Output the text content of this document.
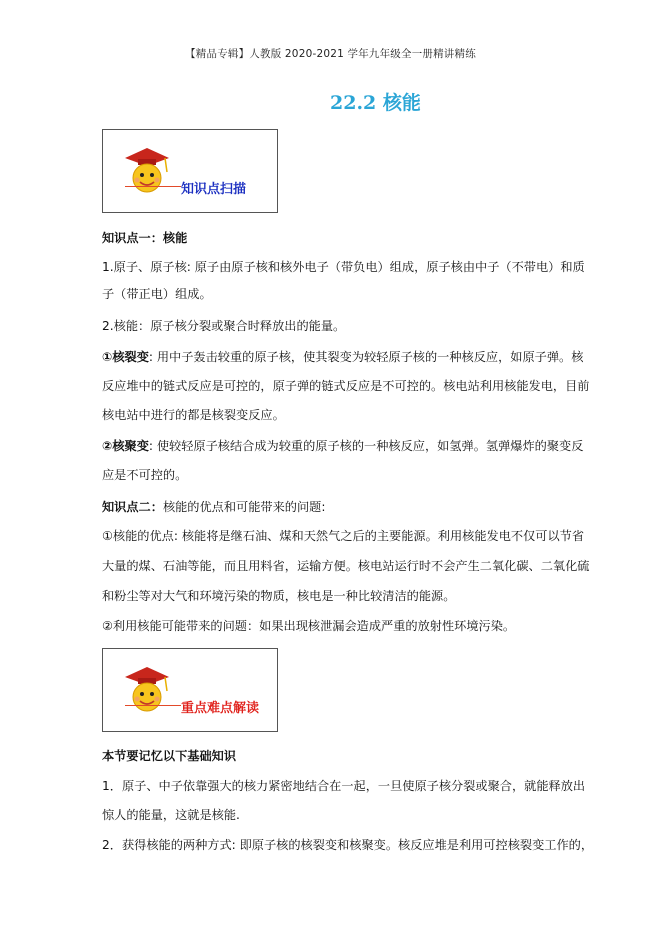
【精品专辑】人教版 2020-2021 学年九年级全一册精讲精练
22.2 核能
知识点扫描
知识点一：核能
1.原子、原子核: 原子由原子核和核外电子（带负电）组成，原子核由中子（不带电）和质
子（带正电）组成。
2.核能：原子核分裂或聚合时释放出的能量。
①核裂变: 用中子轰击较重的原子核，使其裂变为较轻原子核的一种核反应，如原子弹。核
反应堆中的链式反应是可控的，原子弹的链式反应是不可控的。核电站利用核能发电，目前
核电站中进行的都是核裂变反应。
②核聚变: 使较轻原子核结合成为较重的原子核的一种核反应，如氢弹。氢弹爆炸的聚变反
应是不可控的。
知识点二：核能的优点和可能带来的问题:
①核能的优点: 核能将是继石油、煤和天然气之后的主要能源。利用核能发电不仅可以节省
大量的煤、石油等能，而且用料省，运输方便。核电站运行时不会产生二氧化碳、二氧化硫
和粉尘等对大气和环境污染的物质，核电是一种比较清洁的能源。
②利用核能可能带来的问题：如果出现核泄漏会造成严重的放射性环境污染。
重点难点解读
本节要记忆以下基础知识
1．原子、中子依靠强大的核力紧密地结合在一起，一旦使原子核分裂或聚合，就能释放出
惊人的能量，这就是核能.
2．获得核能的两种方式: 即原子核的核裂变和核聚变。核反应堆是利用可控核裂变工作的，
